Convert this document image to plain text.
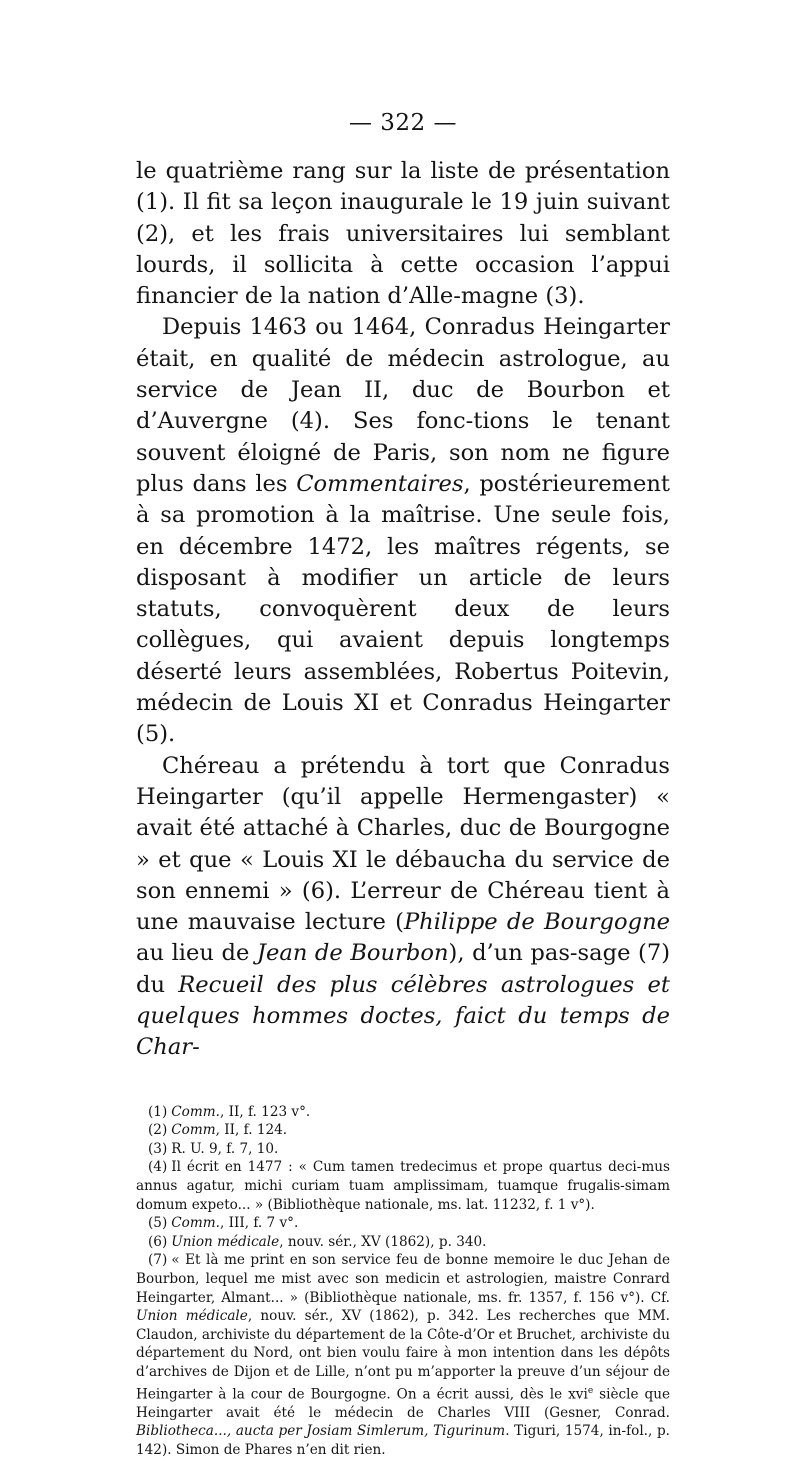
— 322 —

le quatrième rang sur la liste de présentation (1). Il fit sa leçon inaugurale le 19 juin suivant (2), et les frais universitaires lui semblant lourds, il sollicita à cette occasion l’appui financier de la nation d’Alle-magne (3).

Depuis 1463 ou 1464, Conradus Heingarter était, en qualité de médecin astrologue, au service de Jean II, duc de Bourbon et d’Auvergne (4). Ses fonc-tions le tenant souvent éloigné de Paris, son nom ne figure plus dans les Commentaires, postérieurement à sa promotion à la maîtrise. Une seule fois, en décembre 1472, les maîtres régents, se disposant à modifier un article de leurs statuts, convoquèrent deux de leurs collègues, qui avaient depuis longtemps déserté leurs assemblées, Robertus Poitevin, médecin de Louis XI et Conradus Heingarter (5).

Chéreau a prétendu à tort que Conradus Heingarter (qu’il appelle Hermengaster) « avait été attaché à Charles, duc de Bourgogne » et que « Louis XI le débaucha du service de son ennemi » (6). L’erreur de Chéreau tient à une mauvaise lecture (Philippe de Bourgogne au lieu de Jean de Bourbon), d’un pas-sage (7) du Recueil des plus célèbres astrologues et quelques hommes doctes, faict du temps de Char-

(1) Comm., II, f. 123 v°.

(2) Comm, II, f. 124.

(3) R. U. 9, f. 7, 10.

(4) Il écrit en 1477 : « Cum tamen tredecimus et prope quartus deci-mus annus agatur, michi curiam tuam amplissimam, tuamque frugalis-simam domum expeto... » (Bibliothèque nationale, ms. lat. 11232, f. 1 v°).

(5) Comm., III, f. 7 v°.

(6) Union médicale, nouv. sér., XV (1862), p. 340.

(7) « Et là me print en son service feu de bonne memoire le duc Jehan de Bourbon, lequel me mist avec son medicin et astrologien, maistre Conrard Heingarter, Almant... » (Bibliothèque nationale, ms. fr. 1357, f. 156 v°). Cf. Union médicale, nouv. sér., XV (1862), p. 342. Les recherches que MM. Claudon, archiviste du département de la Côte-d’Or et Bruchet, archiviste du département du Nord, ont bien voulu faire à mon intention dans les dépôts d’archives de Dijon et de Lille, n’ont pu m’apporter la preuve d’un séjour de Heingarter à la cour de Bourgogne. On a écrit aussi, dès le xvi$^e$ siècle que Heingarter avait été le médecin de Charles VIII (Gesner, Conrad. Bibliotheca..., aucta per Josiam Simlerum, Tigurinum. Tiguri, 1574, in-fol., p. 142). Simon de Phares n’en dit rien.
